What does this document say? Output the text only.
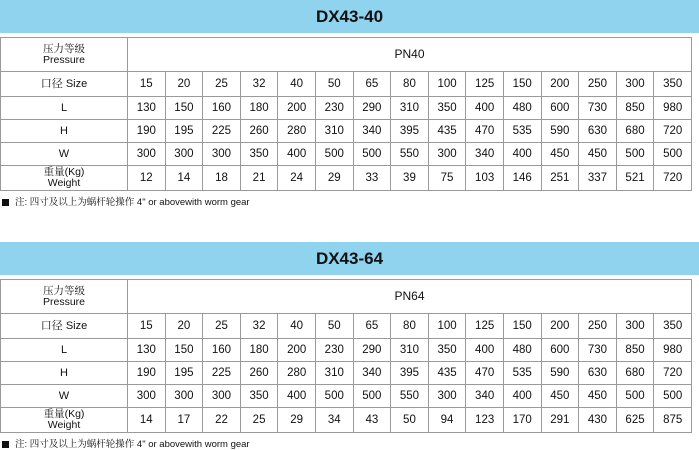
DX43-40
压力等级
Pressure	PN40														
口径 Size	15	20	25	32	40	50	65	80	100	125	150	200	250	300	350
L	130	150	160	180	200	230	290	310	350	400	480	600	730	850	980
H	190	195	225	260	280	310	340	395	435	470	535	590	630	680	720
W	300	300	300	350	400	500	500	550	300	340	400	450	450	500	500

重量(Kg)
Weight	12	14	18	21	24	29	33	39	75	103	146	251	337	521	720
注: 四寸及以上为蜗杆轮操作 4" or abovewith worm gear
DX43-64
压力等级
Pressure	PN64														
口径 Size	15	20	25	32	40	50	65	80	100	125	150	200	250	300	350
L	130	150	160	180	200	230	290	310	350	400	480	600	730	850	980
H	190	195	225	260	280	310	340	395	435	470	535	590	630	680	720
W	300	300	300	350	400	500	500	550	300	340	400	450	450	500	500

重量(Kg)
Weight	14	17	22	25	29	34	43	50	94	123	170	291	430	625	875
注: 四寸及以上为蜗杆轮操作 4" or abovewith worm gear
